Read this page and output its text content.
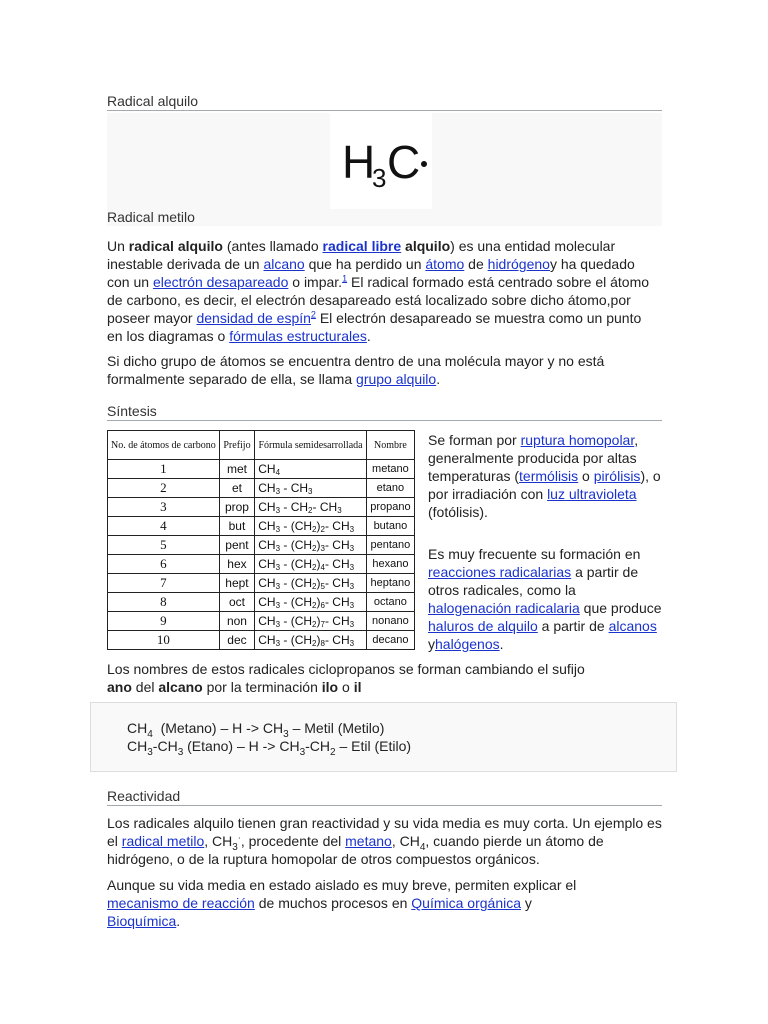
Radical alquilo
H
3 C
Radical metilo

Un radical alquilo (antes llamado radical libre alquilo) es una entidad molecular inestable derivada de un alcano que ha perdido un átomo de hidrógenoy ha quedado con un electrón desapareado o impar.$^1$ El radical formado está centrado sobre el átomo de carbono, es decir, el electrón desapareado está localizado sobre dicho átomo,por poseer mayor densidad de espín$^2$ El electrón desapareado se muestra como un punto en los diagramas o fórmulas estructurales.

Si dicho grupo de átomos se encuentra dentro de una molécula mayor y no está formalmente separado de ella, se llama grupo alquilo.

Síntesis
No. de átomos de carbono	Prefijo	Fórmula semidesarrollada	Nombre
1	met	CH4	metano
2	et	CH3 - CH3	etano
3	prop	CH3 - CH2- CH3	propano
4	but	CH3 - (CH2)2- CH3	butano
5	pent	CH3 - (CH2)3- CH3	pentano
6	hex	CH3 - (CH2)4- CH3	hexano
7	hept	CH3 - (CH2)5- CH3	heptano
8	oct	CH3 - (CH2)6- CH3	octano
9	non	CH3 - (CH2)7- CH3	nonano
10	dec	CH3 - (CH2)8- CH3	decano

Se forman por ruptura homopolar, generalmente producida por altas temperaturas (termólisis o pirólisis), o por irradiación con luz ultravioleta (fotólisis).

Es muy frecuente su formación en reacciones radicalarias a partir de otros radicales, como la halogenación radicalaria que produce haluros de alquilo a partir de alcanos yhalógenos.

Los nombres de estos radicales ciclopropanos se forman cambiando el sufijo ano del alcano por la terminación ilo o il

$CH_4$  $(Metano) - H -> CH_3$ – Metil (Metilo)
$CH_3-CH_3$ $(Etano) - H -> CH_3-CH_2$ – Etil (Etilo)
Reactividad

Los radicales alquilo tienen gran reactividad y su vida media es muy corta. Un ejemplo es el radical metilo, $CH_3^\cdot$, procedente del metano, $CH_4$, cuando pierde un átomo de hidrógeno, o de la ruptura homopolar de otros compuestos orgánicos.

Aunque su vida media en estado aislado es muy breve, permiten explicar el mecanismo de reacción de muchos procesos en Química orgánica y Bioquímica.
